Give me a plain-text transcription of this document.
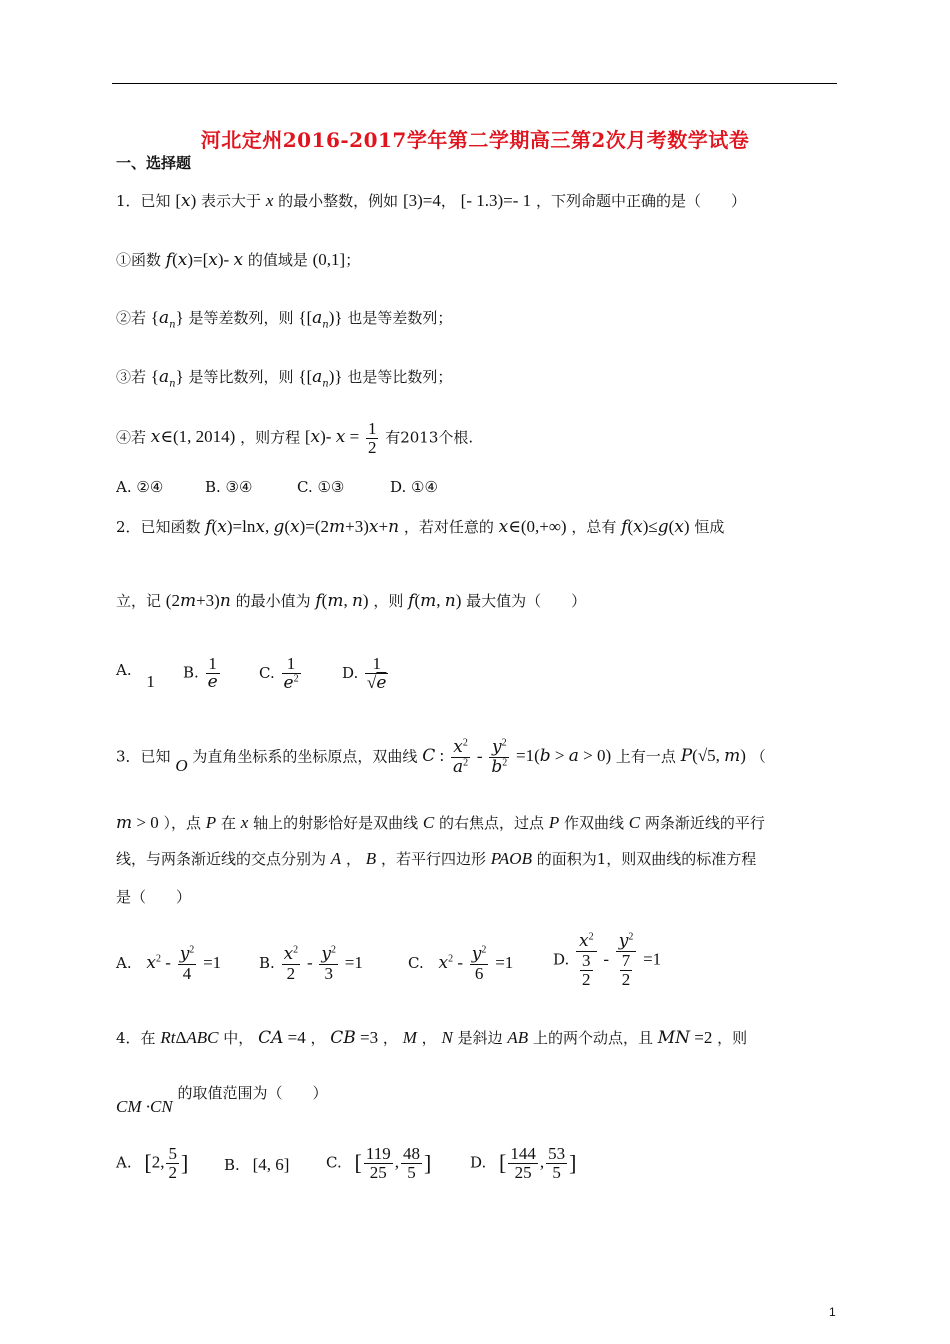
河北定州2016-2017学年第二学期高三第2次月考数学试卷
一、选择题
1．已知 [x) 表示大于 x 的最小整数，例如 [3)=4， [- 1.3)=- 1 ，下列命题中正确的是（　　）
①函数 f(x)=[x)- x 的值域是 (0,1]；
②若 $\{a_n\}$ 是等差数列，则 $\{[a_n)\}$ 也是等差数列；
③若 $\{a_n\}$ 是等比数列，则 $\{[a_n)\}$ 也是等比数列；
④若 x∈(1, 2014) ，则方程 [x)- $x = \frac{1}{2}$ 有2013个根.
A. ②④	B. ③④	C. ①③	D. ①④
2．已知函数 f(x)=lnx, g(x)=(2m+3)x+n ，若对任意的 x∈(0,+∞) ，总有 f(x)≤g(x) 恒成
立，记 (2m+3)n 的最小值为 f(m, n) ，则 f(m, n) 最大值为（　　）
A. 1 B. $\frac{1}{e}$	C. $\frac{1}{e^2}$	D. $\frac{1}{√e}$
3．已知 O 为直角坐标系的坐标原点，双曲线 C : $\frac{x^2}{a^2} - \frac{y^2}{b^2} =1(b > a > 0)$ 上有一点 P(√5, m) （
m > 0 ），点 P 在 x 轴上的射影恰好是双曲线 C 的右焦点，过点 P 作双曲线 C 两条渐近线的平行
线，与两条渐近线的交点分别为 A ， B ，若平行四边形 PAOB 的面积为1，则双曲线的标准方程
是（　　）
A. $x^2 - \frac{y^2}{4} =1$	B. $\frac{x^2}{2} - \frac{y^2}{3} =1$	C. $x^2 - \frac{y^2}{6} =1$	D. $\frac{x^2}{\frac{3}{2}} - \frac{y^2}{\frac{7}{2}} =1$
4．在 RtΔABC 中， CA =4 ， CB =3 ， M ， N 是斜边 AB 上的两个动点，且 MN =2 ，则
CM ·CN 的取值范围为（　　）
A. [2, $\frac{5}{2}$ ] B. [4, 6] C. [ $\frac{119}{25}$ , $\frac{48}{5}$ ]	D. [ $\frac{144}{25}$ , $\frac{53}{5}$ ]
1
